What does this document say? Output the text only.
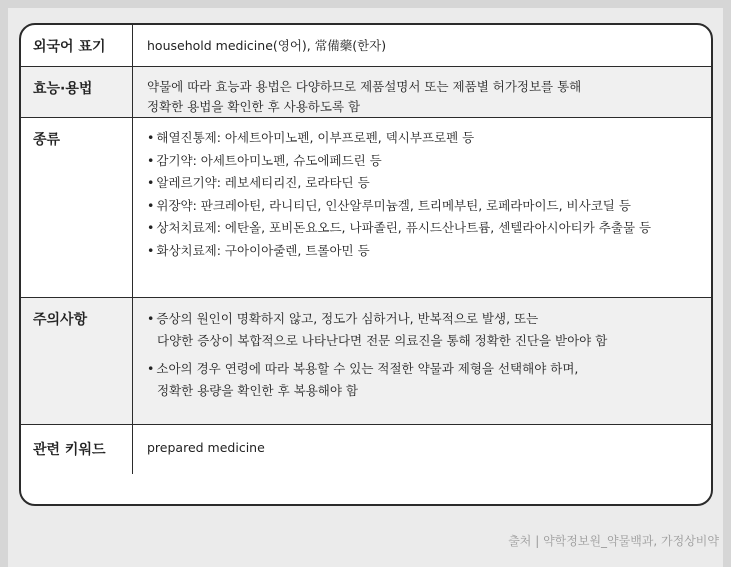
외국어 표기	household medicine(영어), 常備藥(한자)
효능·용법	약물에 따라 효능과 용법은 다양하므로 제품설명서 또는 제품별 허가정보를 통해
정확한 용법을 확인한 후 사용하도록 함
종류	• 해열진통제: 아세트아미노펜, 이부프로펜, 덱시부프로펜 등
• 감기약: 아세트아미노펜, 슈도에페드린 등
• 알레르기약: 레보세티리진, 로라타딘 등
• 위장약: 판크레아틴, 라니티딘, 인산알루미늄겔, 트리메부틴, 로페라마이드, 비사코딜 등
• 상처치료제: 에탄올, 포비돈요오드, 나파졸린, 퓨시드산나트륨, 센텔라아시아티카 추출물 등
• 화상치료제: 구아이아줄렌, 트롤아민 등
주의사항	• 증상의 원인이 명확하지 않고, 정도가 심하거나, 반복적으로 발생, 또는
다양한 증상이 복합적으로 나타난다면 전문 의료진을 통해 정확한 진단을 받아야 함
• 소아의 경우 연령에 따라 복용할 수 있는 적절한 약물과 제형을 선택해야 하며,
정확한 용량을 확인한 후 복용해야 함
관련 키워드	prepared medicine
출처 | 약학정보원_약물백과, 가정상비약
